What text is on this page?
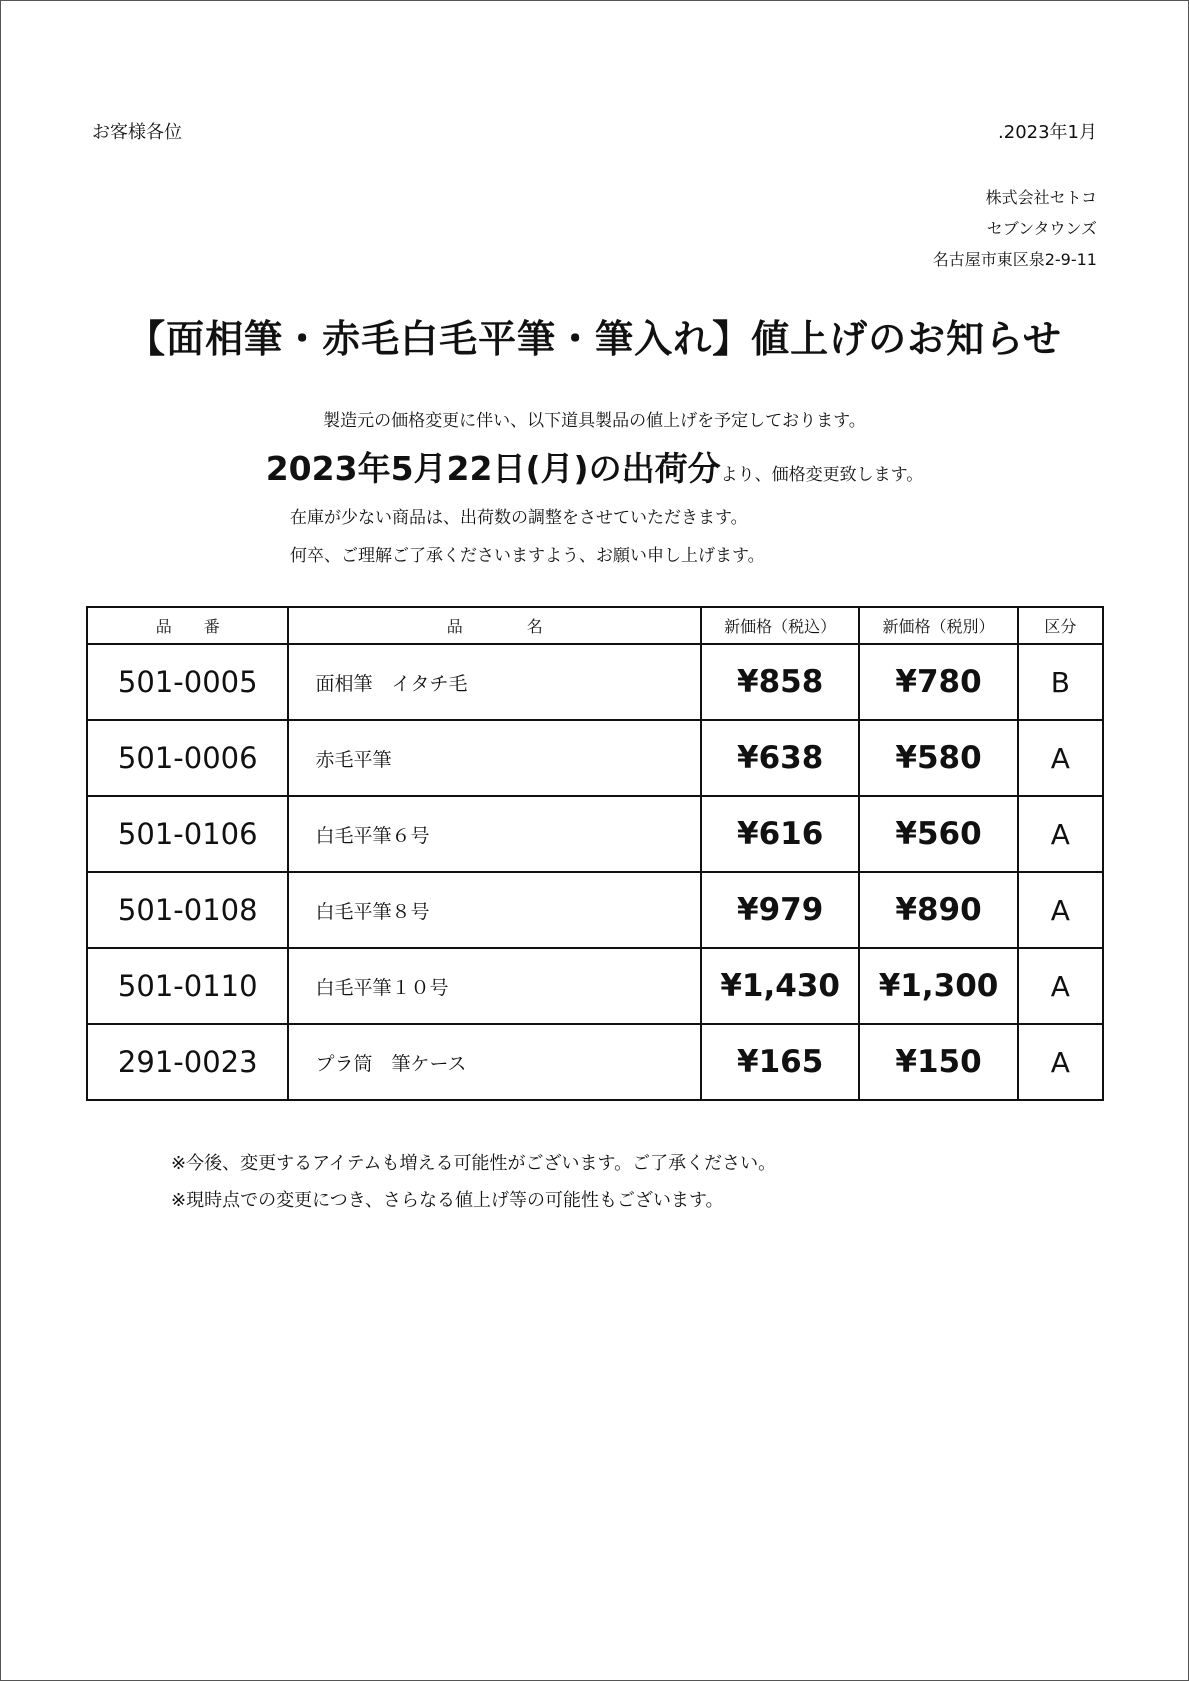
お客様各位	.2023年1月
株式会社セトコ
セブンタウンズ
名古屋市東区泉2-9-11
【面相筆・赤毛白毛平筆・筆入れ】値上げのお知らせ
製造元の価格変更に伴い、以下道具製品の値上げを予定しております。
2023年5月22日(月)の出荷分より、価格変更致します。
在庫が少ない商品は、出荷数の調整をさせていただきます。
何卒、ご理解ご了承くださいますよう、お願い申し上げます。
品　　番	品　　　　名	新価格（税込）	新価格（税別）	区分
501-0005	面相筆　イタチ毛	¥858	¥780	B
501-0006	赤毛平筆	¥638	¥580	A
501-0106	白毛平筆６号	¥616	¥560	A
501-0108	白毛平筆８号	¥979	¥890	A
501-0110	白毛平筆１０号	¥1,430	¥1,300	A
291-0023	プラ筒　筆ケース	¥165	¥150	A
※今後、変更するアイテムも増える可能性がございます。ご了承ください。
※現時点での変更につき、さらなる値上げ等の可能性もございます。
